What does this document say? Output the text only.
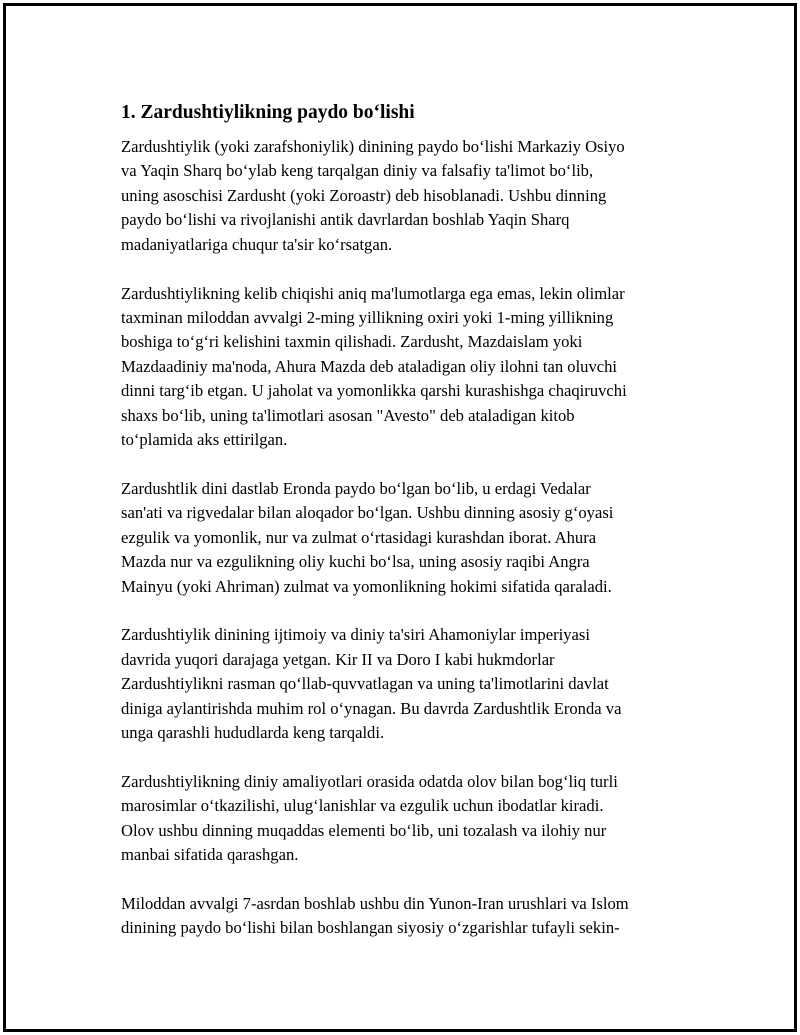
1. Zardushtiylikning paydo bo‘lishi
Zardushtiylik (yoki zarafshoniylik) dinining paydo bo‘lishi Markaziy Osiyo
va Yaqin Sharq bo‘ylab keng tarqalgan diniy va falsafiy ta'limot bo‘lib,
uning asoschisi Zardusht (yoki Zoroastr) deb hisoblanadi. Ushbu dinning
paydo bo‘lishi va rivojlanishi antik davrlardan boshlab Yaqin Sharq
madaniyatlariga chuqur ta'sir ko‘rsatgan.
Zardushtiylikning kelib chiqishi aniq ma'lumotlarga ega emas, lekin olimlar
taxminan miloddan avvalgi 2-ming yillikning oxiri yoki 1-ming yillikning
boshiga to‘g‘ri kelishini taxmin qilishadi. Zardusht, Mazdaislam yoki
Mazdaadiniy ma'noda, Ahura Mazda deb ataladigan oliy ilohni tan oluvchi
dinni targ‘ib etgan. U jaholat va yomonlikka qarshi kurashishga chaqiruvchi
shaxs bo‘lib, uning ta'limotlari asosan "Avesto" deb ataladigan kitob
to‘plamida aks ettirilgan.
Zardushtlik dini dastlab Eronda paydo bo‘lgan bo‘lib, u erdagi Vedalar
san'ati va rigvedalar bilan aloqador bo‘lgan. Ushbu dinning asosiy g‘oyasi
ezgulik va yomonlik, nur va zulmat o‘rtasidagi kurashdan iborat. Ahura
Mazda nur va ezgulikning oliy kuchi bo‘lsa, uning asosiy raqibi Angra
Mainyu (yoki Ahriman) zulmat va yomonlikning hokimi sifatida qaraladi.
Zardushtiylik dinining ijtimoiy va diniy ta'siri Ahamoniylar imperiyasi
davrida yuqori darajaga yetgan. Kir II va Doro I kabi hukmdorlar
Zardushtiylikni rasman qo‘llab-quvvatlagan va uning ta'limotlarini davlat
diniga aylantirishda muhim rol o‘ynagan. Bu davrda Zardushtlik Eronda va
unga qarashli hududlarda keng tarqaldi.
Zardushtiylikning diniy amaliyotlari orasida odatda olov bilan bog‘liq turli
marosimlar o‘tkazilishi, ulug‘lanishlar va ezgulik uchun ibodatlar kiradi.
Olov ushbu dinning muqaddas elementi bo‘lib, uni tozalash va ilohiy nur
manbai sifatida qarashgan.
Miloddan avvalgi 7-asrdan boshlab ushbu din Yunon-Iran urushlari va Islom
dinining paydo bo‘lishi bilan boshlangan siyosiy o‘zgarishlar tufayli sekin-
